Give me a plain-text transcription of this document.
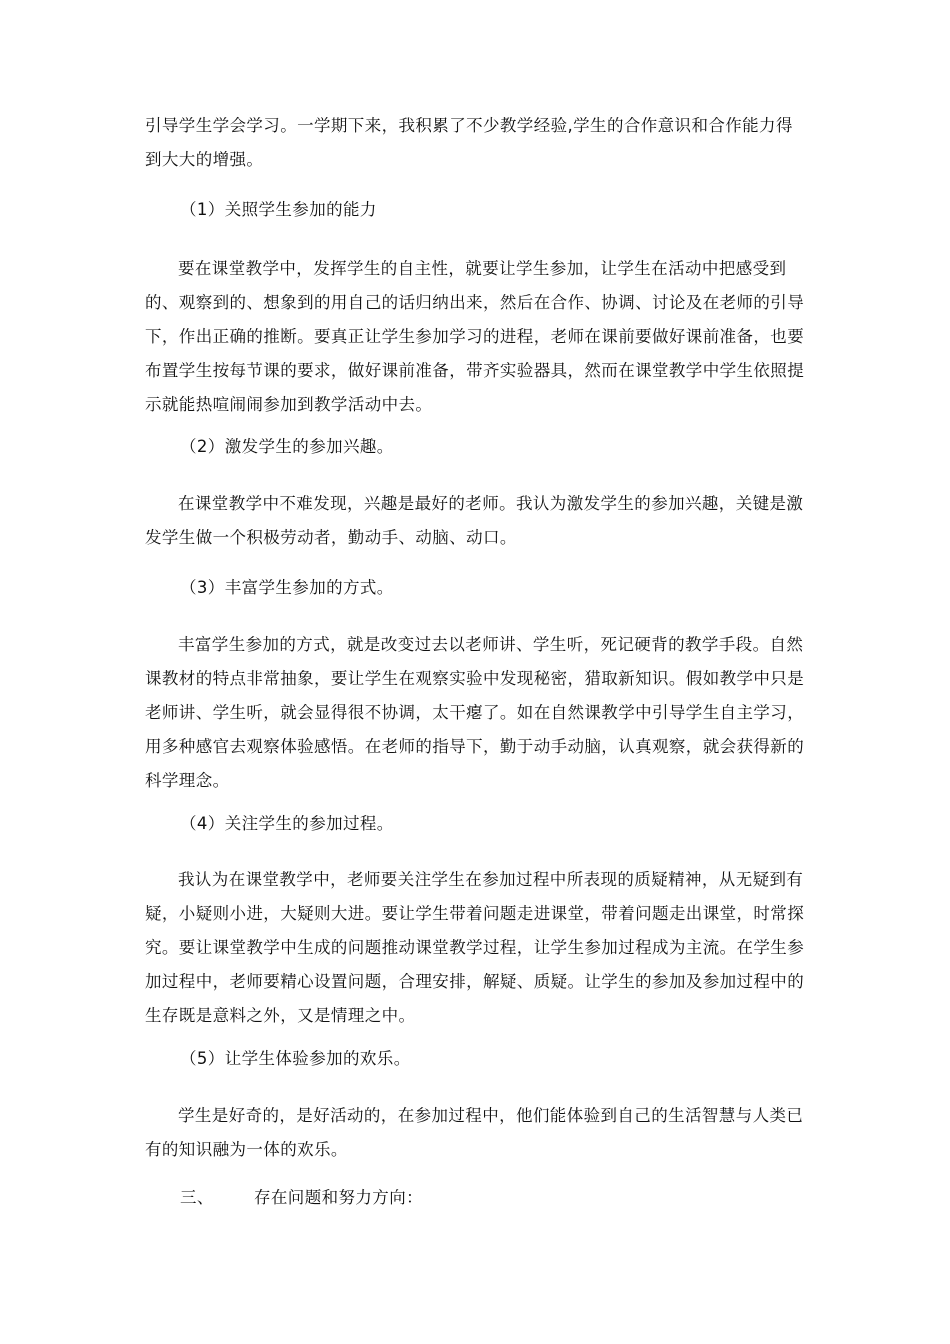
引导学生学会学习。一学期下来，我积累了不少教学经验,学生的合作意识和合作能力得到大大的增强。

（1）关照学生参加的能力

要在课堂教学中，发挥学生的自主性，就要让学生参加，让学生在活动中把感受到的、观察到的、想象到的用自己的话归纳出来，然后在合作、协调、讨论及在老师的引导下，作出正确的推断。要真正让学生参加学习的进程，老师在课前要做好课前准备，也要布置学生按每节课的要求，做好课前准备，带齐实验器具，然而在课堂教学中学生依照提示就能热喧闹闹参加到教学活动中去。

（2）激发学生的参加兴趣。

在课堂教学中不难发现，兴趣是最好的老师。我认为激发学生的参加兴趣，关键是激发学生做一个积极劳动者，勤动手、动脑、动口。

（3）丰富学生参加的方式。

丰富学生参加的方式，就是改变过去以老师讲、学生听，死记硬背的教学手段。自然课教材的特点非常抽象，要让学生在观察实验中发现秘密，猎取新知识。假如教学中只是老师讲、学生听，就会显得很不协调，太干瘪了。如在自然课教学中引导学生自主学习，用多种感官去观察体验感悟。在老师的指导下，勤于动手动脑，认真观察，就会获得新的科学理念。

（4）关注学生的参加过程。

我认为在课堂教学中，老师要关注学生在参加过程中所表现的质疑精神，从无疑到有疑，小疑则小进，大疑则大进。要让学生带着问题走进课堂，带着问题走出课堂，时常探究。要让课堂教学中生成的问题推动课堂教学过程，让学生参加过程成为主流。在学生参加过程中，老师要精心设置问题，合理安排，解疑、质疑。让学生的参加及参加过程中的生存既是意料之外，又是情理之中。

（5）让学生体验参加的欢乐。

学生是好奇的，是好活动的，在参加过程中，他们能体验到自己的生活智慧与人类已有的知识融为一体的欢乐。

三、 存在问题和努力方向：
